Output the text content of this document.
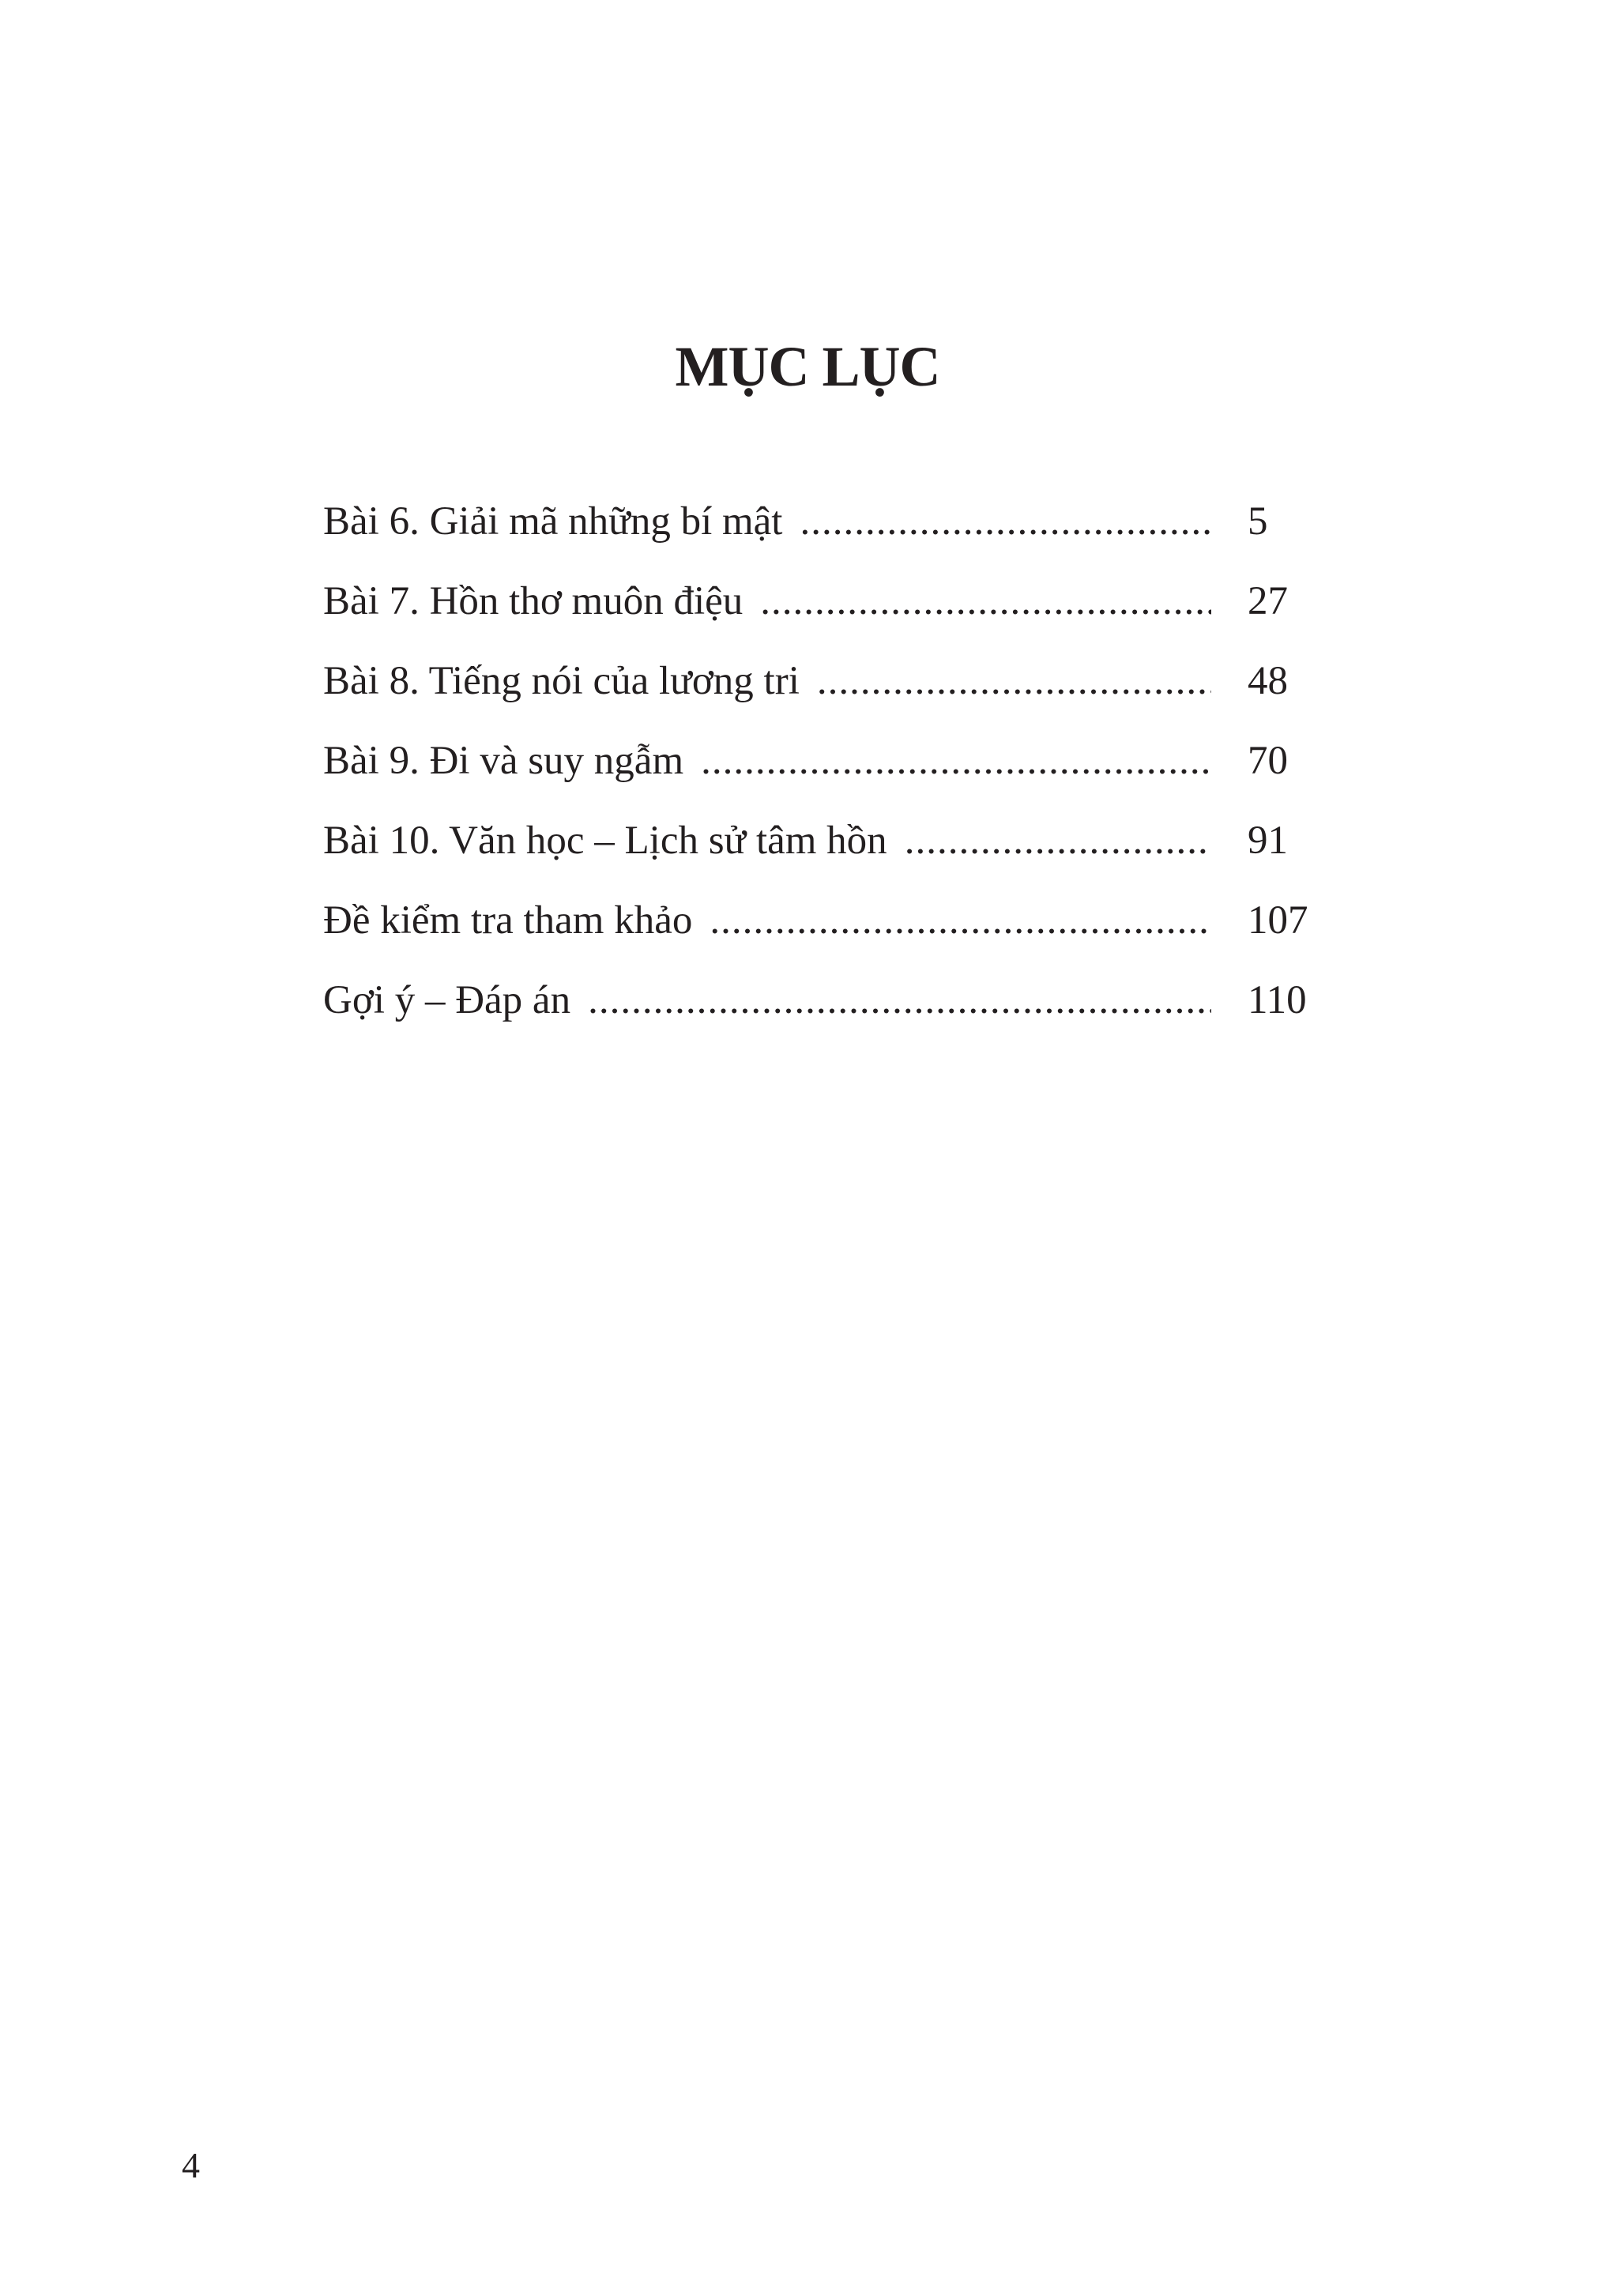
MỤC LỤC
Bài 6. Giải mã những bí mật .....	5
Bài 7. Hồn thơ muôn điệu .....	27
Bài 8. Tiếng nói của lương tri .....	48
Bài 9. Đi và suy ngẫm .....	70
Bài 10. Văn học – Lịch sử tâm hồn .....	91
Đề kiểm tra tham khảo .....	107
Gợi ý – Đáp án .....	110
4
